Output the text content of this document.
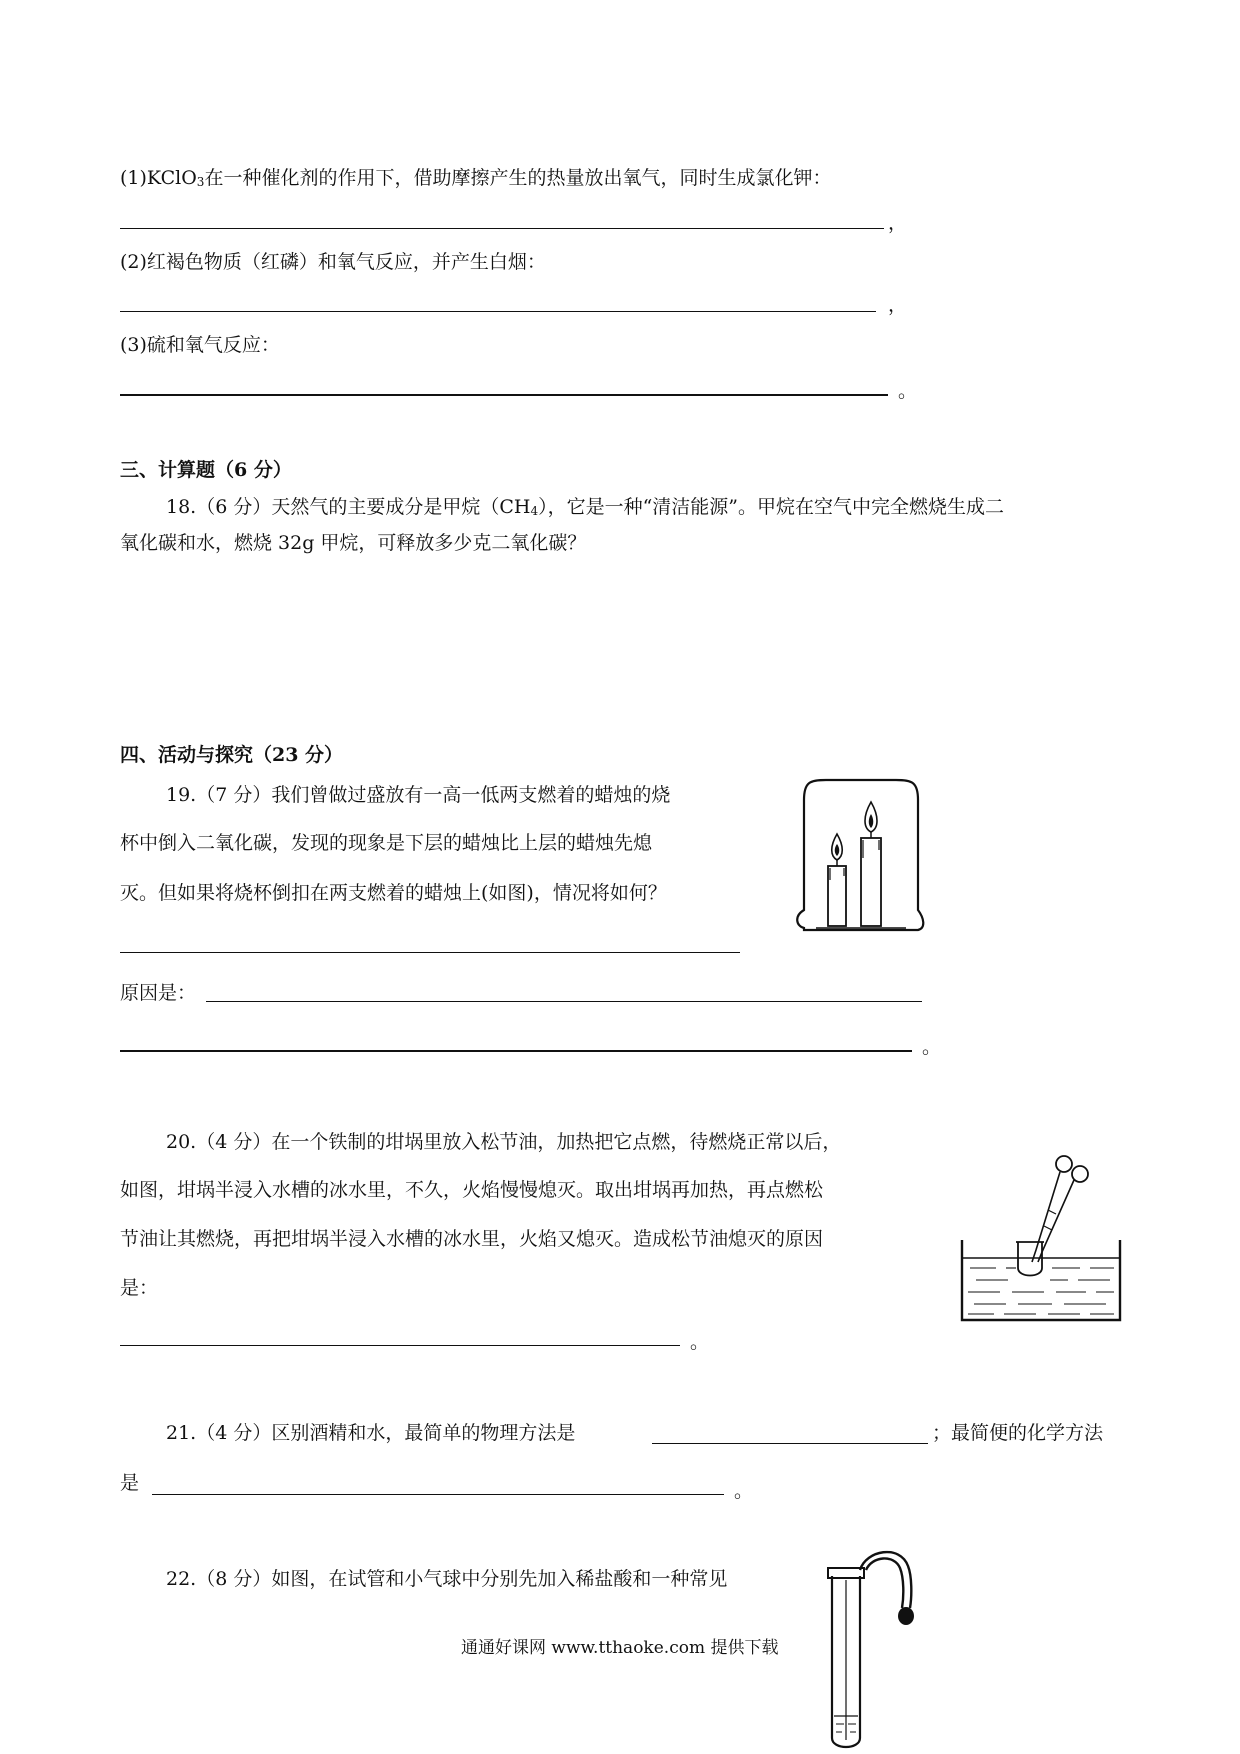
(1)KClO$_3$在一种催化剂的作用下，借助摩擦产生的热量放出氧气，同时生成氯化钾：
，
(2)红褐色物质（红磷）和氧气反应，并产生白烟：
，
(3)硫和氧气反应：
。
三、计算题（6 分）
18.（6 分）天然气的主要成分是甲烷$(CH_4)$，它是一种“清洁能源”。甲烷在空气中完全燃烧生成二
氧化碳和水，燃烧 32g 甲烷，可释放多少克二氧化碳？
四、活动与探究（23 分）
19.（7 分）我们曾做过盛放有一高一低两支燃着的蜡烛的烧
杯中倒入二氧化碳，发现的现象是下层的蜡烛比上层的蜡烛先熄
灭。但如果将烧杯倒扣在两支燃着的蜡烛上(如图)，情况将如何？
原因是：
。
20.（4 分）在一个铁制的坩埚里放入松节油，加热把它点燃，待燃烧正常以后，
如图，坩埚半浸入水槽的冰水里，不久，火焰慢慢熄灭。取出坩埚再加热，再点燃松
节油让其燃烧，再把坩埚半浸入水槽的冰水里，火焰又熄灭。造成松节油熄灭的原因
是：
。
21.（4 分）区别酒精和水，最简单的物理方法是	；最简便的化学方法
是	。
22.（8 分）如图，在试管和小气球中分别先加入稀盐酸和一种常见
通通好课网 www.tthaoke.com 提供下载
